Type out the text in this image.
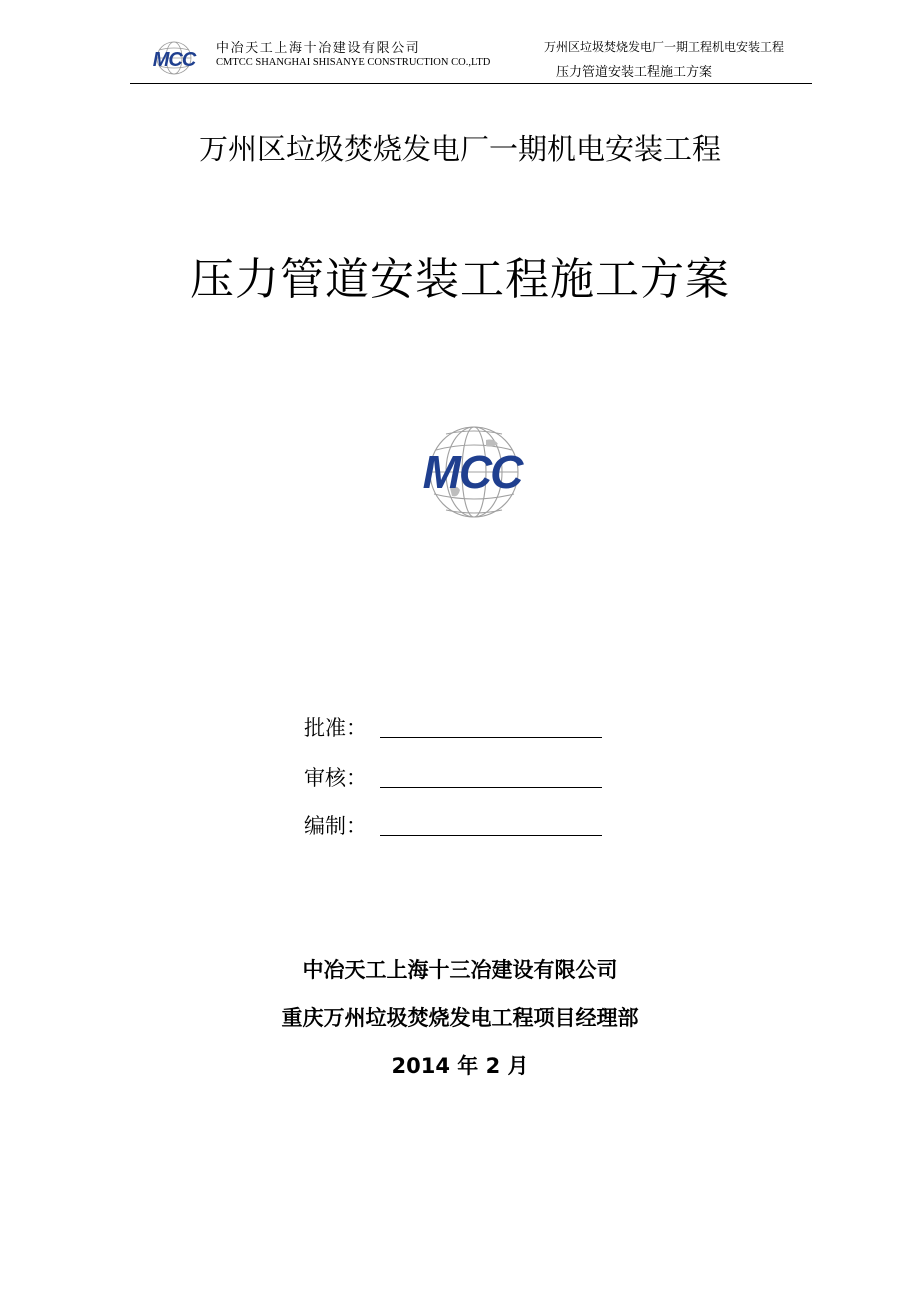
MCC
中冶天工上海十冶建设有限公司
CMTCC SHANGHAI SHISANYE CONSTRUCTION CO.,LTD
万州区垃圾焚烧发电厂一期工程机电安装工程
压力管道安装工程施工方案
万州区垃圾焚烧发电厂一期机电安装工程
压力管道安装工程施工方案
MCC
批准：
审核：
编制：
中冶天工上海十三冶建设有限公司
重庆万州垃圾焚烧发电工程项目经理部
2014 年 2 月
